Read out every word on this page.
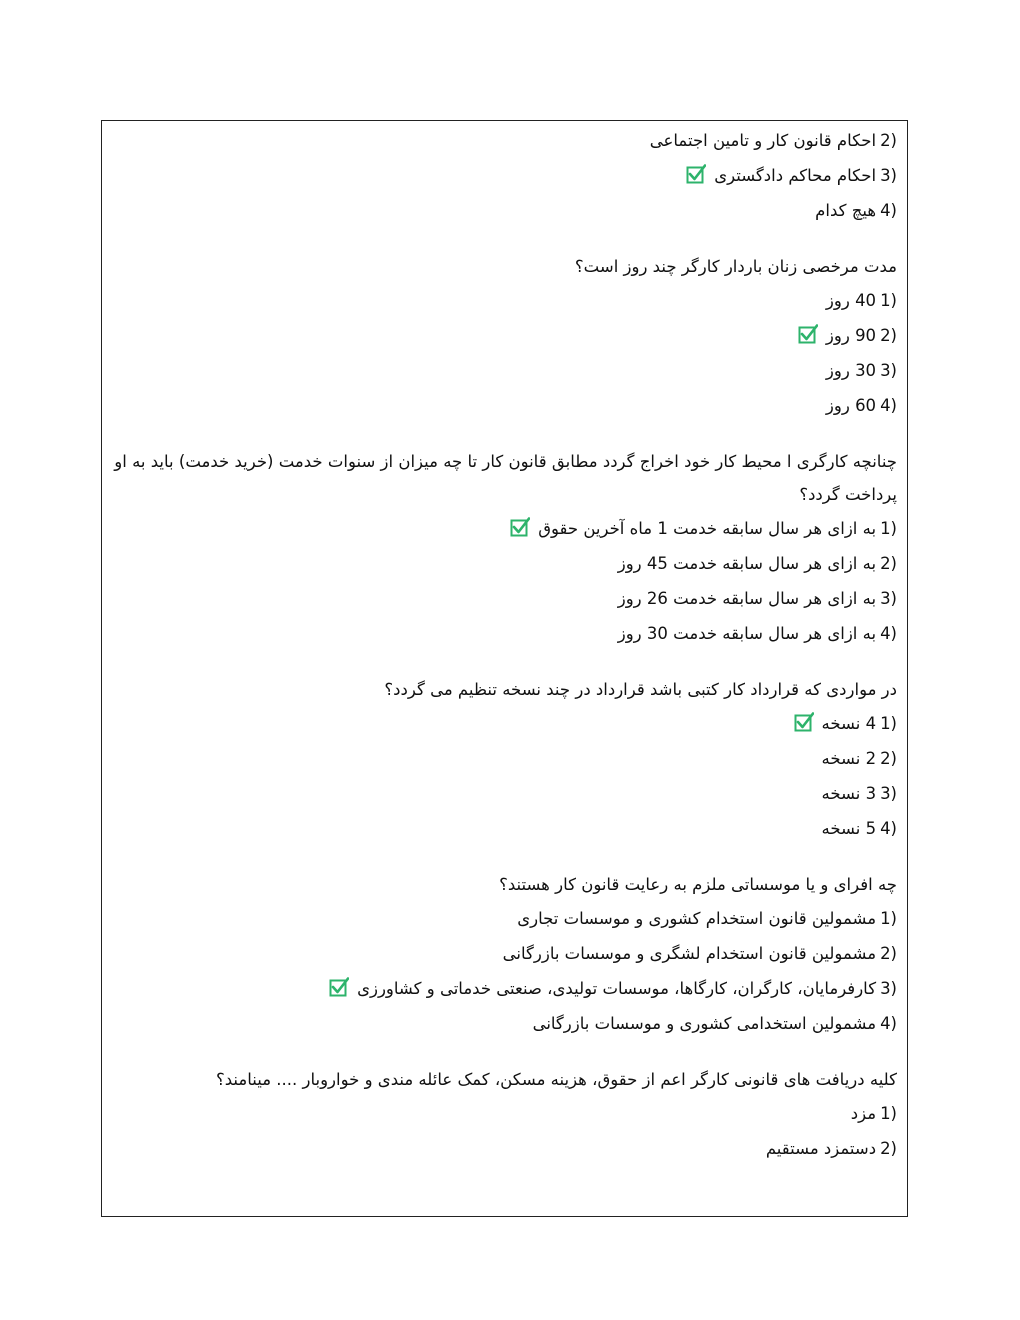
2)احکام قانون کار و تامین اجتماعی
3)احکام محاکم دادگستری
4)هیچ کدام
مدت مرخصی زنان باردار کارگر چند روز است؟
1)40 روز
2)90 روز
3)30 روز
4)60 روز
چنانچه کارگری ا محیط کار خود اخراج گردد مطابق قانون کار تا چه میزان از سنوات خدمت (خرید خدمت) باید به او پرداخت گردد؟
1)به ازای هر سال سابقه خدمت 1 ماه آخرین حقوق
2)به ازای هر سال سابقه خدمت 45 روز
3)به ازای هر سال سابقه خدمت 26 روز
4)به ازای هر سال سابقه خدمت 30 روز
در مواردی که قرارداد کار کتبی باشد قرارداد در چند نسخه تنظیم می گردد؟
1)4 نسخه
2)2 نسخه
3)3 نسخه
4)5 نسخه
چه افرای و یا موسساتی ملزم به رعایت قانون کار هستند؟
1)مشمولین قانون استخدام کشوری و موسسات تجاری
2)مشمولین قانون استخدام لشگری و موسسات بازرگانی
3)کارفرمایان، کارگران، کارگاها، موسسات تولیدی، صنعتی خدماتی و کشاورزی
4)مشمولین استخدامی کشوری و موسسات بازرگانی
کلیه دریافت های قانونی کارگر اعم از حقوق، هزینه مسکن، کمک عائله مندی و خواروبار .... مینامند؟
1)مزد
2)دستمزد مستقیم
